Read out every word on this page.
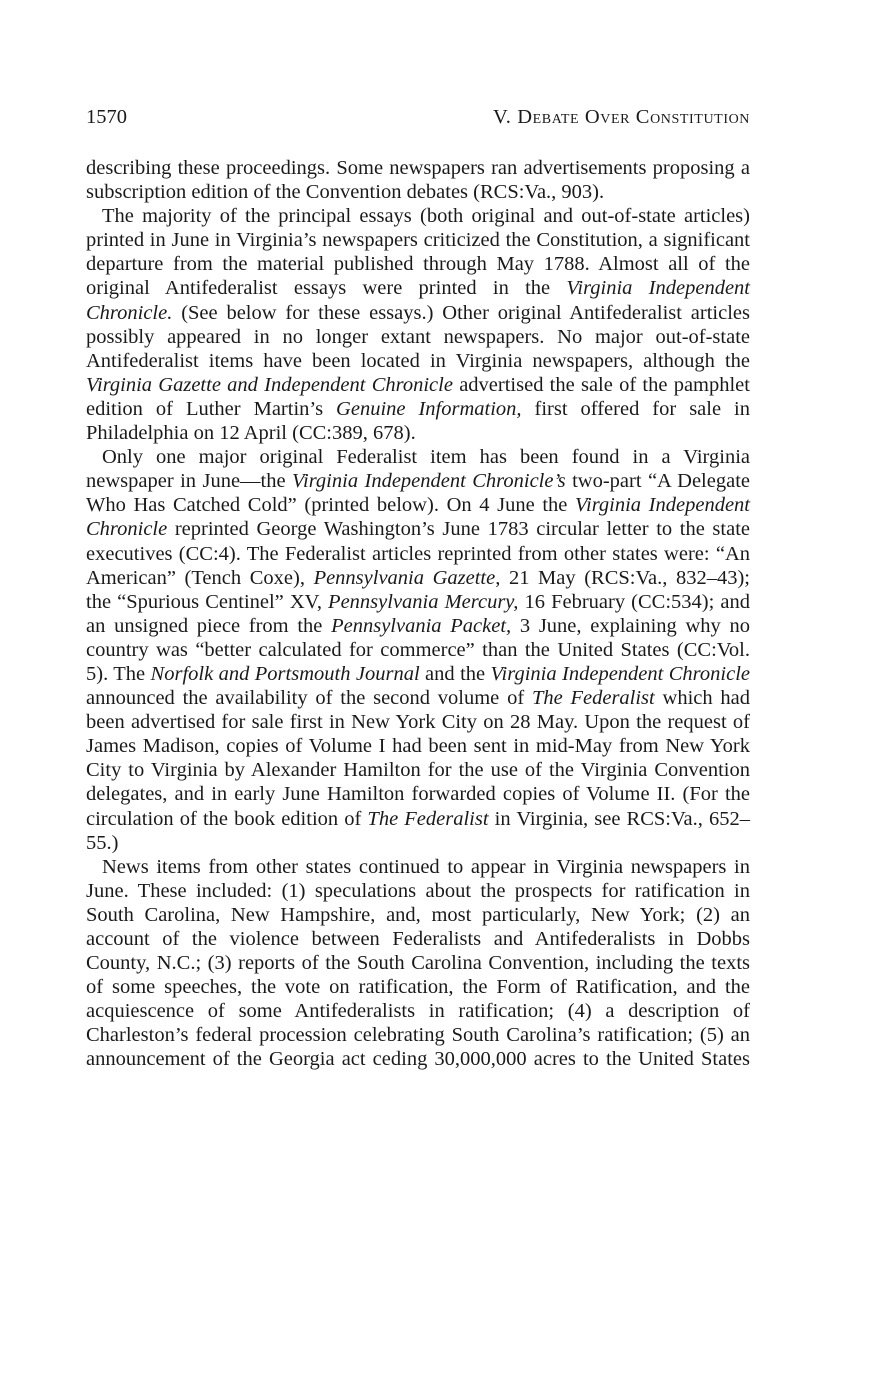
1570	V. Debate Over Constitution

describing these proceedings. Some newspapers ran advertisements proposing a subscription edition of the Convention debates (RCS:Va., 903).

The majority of the principal essays (both original and out-of-state articles) printed in June in Virginia’s newspapers criticized the Constitution, a significant departure from the material published through May 1788. Almost all of the original Antifederalist essays were printed in the Virginia Independent Chronicle. (See below for these essays.) Other original Antifederalist articles possibly appeared in no longer extant newspapers. No major out-of-state Antifederalist items have been located in Virginia newspapers, although the Virginia Gazette and Independent Chronicle advertised the sale of the pamphlet edition of Luther Martin’s Genuine Information, first offered for sale in Philadelphia on 12 April (CC:389, 678).

Only one major original Federalist item has been found in a Virginia newspaper in June—the Virginia Independent Chronicle’s two-part “A Delegate Who Has Catched Cold” (printed below). On 4 June the Virginia Independent Chronicle reprinted George Washington’s June 1783 circular letter to the state executives (CC:4). The Federalist articles reprinted from other states were: “An American” (Tench Coxe), Pennsylvania Gazette, 21 May (RCS:Va., 832–43); the “Spurious Centinel” XV, Pennsylvania Mercury, 16 February (CC:534); and an unsigned piece from the Pennsylvania Packet, 3 June, explaining why no country was “better calculated for commerce” than the United States (CC:Vol. 5). The Norfolk and Portsmouth Journal and the Virginia Independent Chronicle announced the availability of the second volume of The Federalist which had been advertised for sale first in New York City on 28 May. Upon the request of James Madison, copies of Volume I had been sent in mid-May from New York City to Virginia by Alexander Hamilton for the use of the Virginia Convention delegates, and in early June Hamilton forwarded copies of Volume II. (For the circulation of the book edition of The Federalist in Virginia, see RCS:Va., 652–55.)

News items from other states continued to appear in Virginia newspapers in June. These included: (1) speculations about the prospects for ratification in South Carolina, New Hampshire, and, most particularly, New York; (2) an account of the violence between Federalists and Antifederalists in Dobbs County, N.C.; (3) reports of the South Carolina Convention, including the texts of some speeches, the vote on ratification, the Form of Ratification, and the acquiescence of some Antifederalists in ratification; (4) a description of Charleston’s federal procession celebrating South Carolina’s ratification; (5) an announcement of the Georgia act ceding 30,000,000 acres to the United States
